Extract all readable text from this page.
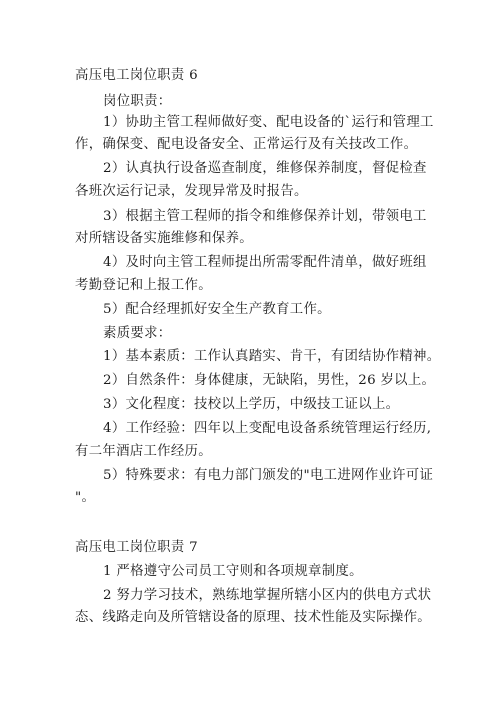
高压电工岗位职责 6
岗位职责：
1）协助主管工程师做好变、配电设备的`运行和管理工
作，确保变、配电设备安全、正常运行及有关技改工作。
2）认真执行设备巡查制度，维修保养制度，督促检查
各班次运行记录，发现异常及时报告。
3）根据主管工程师的指令和维修保养计划，带领电工
对所辖设备实施维修和保养。
4）及时向主管工程师提出所需零配件清单，做好班组
考勤登记和上报工作。
5）配合经理抓好安全生产教育工作。
素质要求：
1）基本素质：工作认真踏实、肯干，有团结协作精神。
2）自然条件：身体健康，无缺陷，男性，26 岁以上。
3）文化程度：技校以上学历，中级技工证以上。
4）工作经验：四年以上变配电设备系统管理运行经历,
有二年酒店工作经历。
5）特殊要求：有电力部门颁发的"电工进网作业许可证
"。
高压电工岗位职责 7
1 严格遵守公司员工守则和各项规章制度。
2 努力学习技术，熟练地掌握所辖小区内的供电方式状
态、线路走向及所管辖设备的原理、技术性能及实际操作。
